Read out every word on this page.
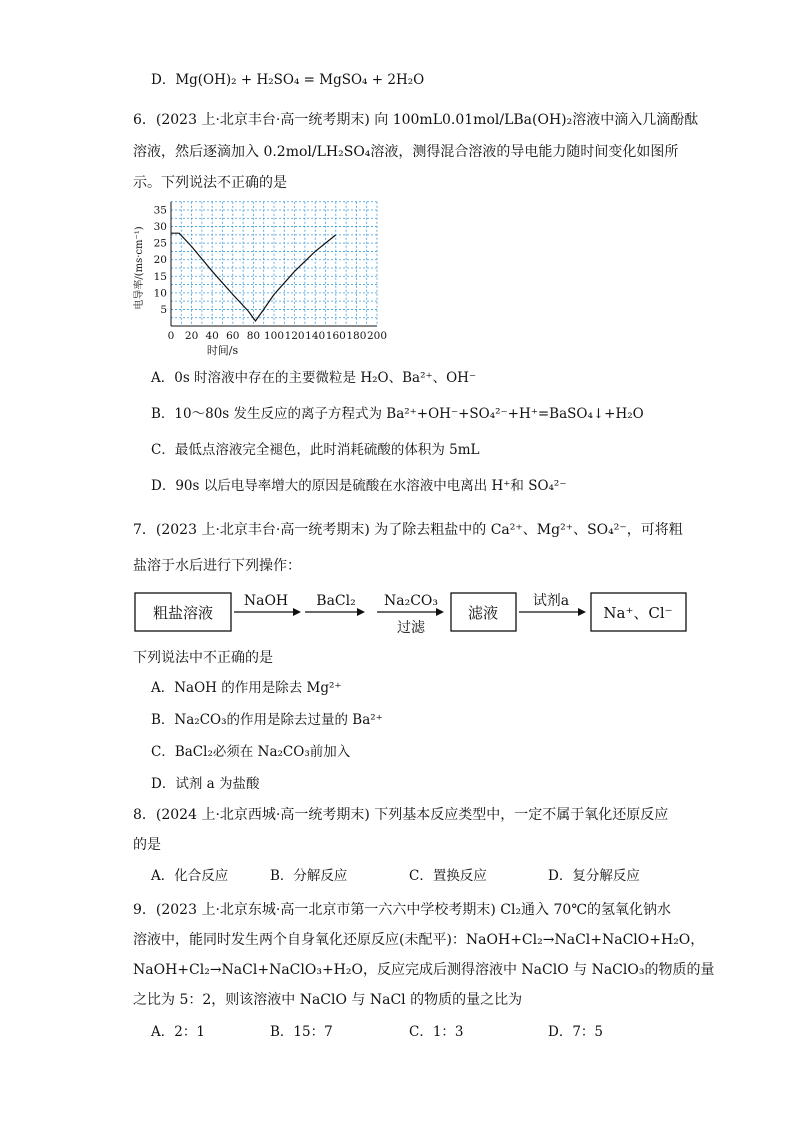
D．Mg(OH)₂ + H₂SO₄ = MgSO₄ + 2H₂O
6．(2023 上·北京丰台·高一统考期末) 向 100mL0.01mol/LBa(OH)₂溶液中滴入几滴酚酞
溶液，然后逐滴加入 0.2mol/LH₂SO₄溶液，测得混合溶液的导电能力随时间变化如图所
示。下列说法不正确的是
0 20 40 60 80 100 120 140 160 180 200
5
10
15
20
25
30
35
时间/s
电导率/(ms·cm⁻¹)
A．0s 时溶液中存在的主要微粒是 H₂O、Ba²⁺、OH⁻
B．10～80s 发生反应的离子方程式为 Ba²⁺+OH⁻+SO₄²⁻+H⁺=BaSO₄↓+H₂O
C．最低点溶液完全褪色，此时消耗硫酸的体积为 5mL
D．90s 以后电导率增大的原因是硫酸在水溶液中电离出 H⁺和 SO₄²⁻
7．(2023 上·北京丰台·高一统考期末) 为了除去粗盐中的 Ca²⁺、Mg²⁺、SO₄²⁻，可将粗
盐溶于水后进行下列操作：
粗盐溶液
NaOH BaCl₂ Na₂CO₃
过滤
滤液
试剂a
Na⁺、Cl⁻
下列说法中不正确的是
A．NaOH 的作用是除去 Mg²⁺
B．Na₂CO₃的作用是除去过量的 Ba²⁺
C．BaCl₂必须在 Na₂CO₃前加入
D．试剂 a 为盐酸
8．(2024 上·北京西城·高一统考期末) 下列基本反应类型中，一定不属于氧化还原反应
的是
A．化合反应	B．分解反应	C．置换反应	D．复分解反应
9．(2023 上·北京东城·高一北京市第一六六中学校考期末) Cl₂通入 70℃的氢氧化钠水
溶液中，能同时发生两个自身氧化还原反应(未配平)：NaOH+Cl₂→NaCl+NaClO+H₂O，
NaOH+Cl₂→NaCl+NaClO₃+H₂O，反应完成后测得溶液中 NaClO 与 NaClO₃的物质的量
之比为 5：2，则该溶液中 NaClO 与 NaCl 的物质的量之比为
A．2：1	B．15：7	C．1：3	D．7：5
